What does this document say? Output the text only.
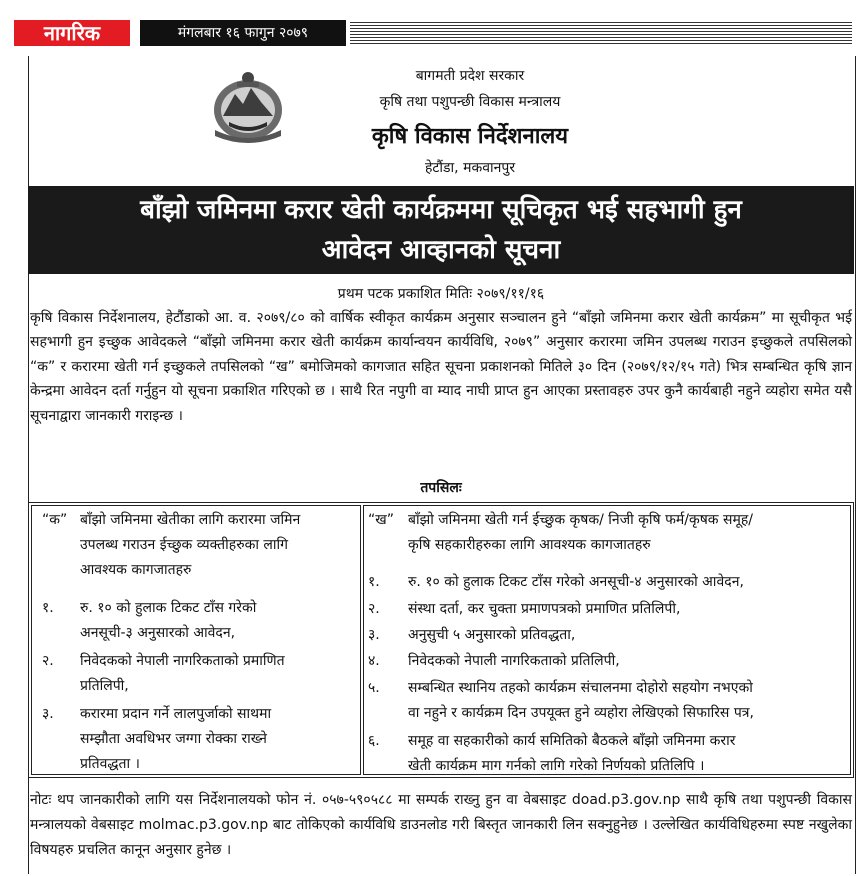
नागरिक	मंगलबार १६ फागुन २०७९
बागमती प्रदेश सरकार
कृषि तथा पशुपन्छी विकास मन्त्रालय
कृषि विकास निर्देशनालय
हेटौंडा, मकवानपुर
बाँझो जमिनमा करार खेती कार्यक्रममा सूचिकृत भई सहभागी हुन
आवेदन आव्हानको सूचना
प्रथम पटक प्रकाशित मितिः २०७९/११/१६
कृषि विकास निर्देशनालय, हेटौंडाको आ. व. २०७९/८० को वार्षिक स्वीकृत कार्यक्रम अनुसार सञ्चालन हुने “बाँझो जमिनमा करार खेती कार्यक्रम” मा सूचीकृत भई सहभागी हुन इच्छुक आवेदकले “बाँझो जमिनमा करार खेती कार्यक्रम कार्यान्वयन कार्यविधि, २०७९” अनुसार करारमा जमिन उपलब्ध गराउन इच्छुकले तपसिलको “क” र करारमा खेती गर्न इच्छुकले तपसिलको “ख” बमोजिमको कागजात सहित सूचना प्रकाशनको मितिले ३० दिन (२०७९/१२/१५ गते) भित्र सम्बन्धित कृषि ज्ञान केन्द्रमा आवेदन दर्ता गर्नुहुन यो सूचना प्रकाशित गरिएको छ । साथै रित नपुगी वा म्याद नाघी प्राप्त हुन आएका प्रस्तावहरु उपर कुनै कार्यबाही नहुने व्यहोरा समेत यसै सूचनाद्वारा जानकारी गराइन्छ ।
तपसिलः
“क” बाँझो जमिनमा खेतीका लागि करारमा जमिन
उपलब्ध गराउन ईच्छुक व्यक्तीहरुका लागि
आवश्यक कागजातहरु
१. रु. १० को हुलाक टिकट टाँस गरेको
अनसूची-३ अनुसारको आवेदन,
२. निवेदकको नेपाली नागरिकताको प्रमाणित
प्रतिलिपी,
३. करारमा प्रदान गर्ने लालपुर्जाको साथमा
सम्झौता अवधिभर जग्गा रोक्का राख्ने
प्रतिवद्धता ।
“ख” बाँझो जमिनमा खेती गर्न ईच्छुक कृषक/ निजी कृषि फर्म/कृषक समूह/
कृषि सहकारीहरुका लागि आवश्यक कागजातहरु
१. रु. १० को हुलाक टिकट टाँस गरेको अनसूची-४ अनुसारको आवेदन,
२. संस्था दर्ता, कर चुक्ता प्रमाणपत्रको प्रमाणित प्रतिलिपी,
३. अनुसुची ५ अनुसारको प्रतिवद्धता,
४. निवेदकको नेपाली नागरिकताको प्रतिलिपी,
५. सम्बन्धित स्थानिय तहको कार्यक्रम संचालनमा दोहोरो सहयोग नभएको
वा नहुने र कार्यक्रम दिन उपयूक्त हुने व्यहोरा लेखिएको सिफारिस पत्र,
६. समूह वा सहकारीको कार्य समितिको बैठकले बाँझो जमिनमा करार
खेती कार्यक्रम माग गर्नको लागि गरेको निर्णयको प्रतिलिपि ।
नोटः थप जानकारीको लागि यस निर्देशनालयको फोन नं. ०५७-५९०५८८ मा सम्पर्क राख्नु हुन वा वेबसाइट doad.p3.gov.np साथै कृषि तथा पशुपन्छी विकास मन्त्रालयको वेबसाइट molmac.p3.gov.np बाट तोकिएको कार्यविधि डाउनलोड गरी बिस्तृत जानकारी लिन सक्नुहुनेछ । उल्लेखित कार्यविधिहरुमा स्पष्ट नखुलेका विषयहरु प्रचलित कानून अनुसार हुनेछ ।
